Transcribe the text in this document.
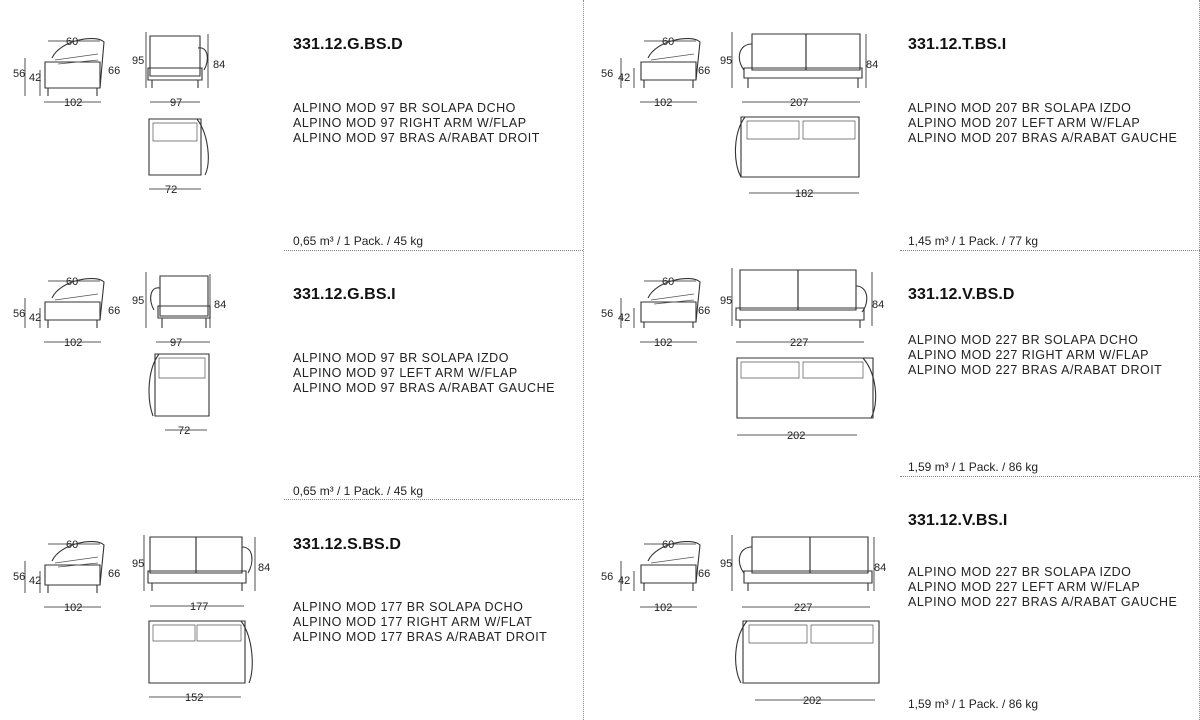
60
56 42
102
66
95	84
97
72
331.12.G.BS.D
ALPINO MOD 97 BR SOLAPA DCHO
ALPINO MOD 97 RIGHT ARM W/FLAP
ALPINO MOD 97 BRAS A/RABAT DROIT
0,65 m³ / 1 Pack. / 45 kg
60
56 42
102
66
95	84
97
72
331.12.G.BS.I
ALPINO MOD 97 BR SOLAPA IZDO
ALPINO MOD 97 LEFT ARM W/FLAP
ALPINO MOD 97 BRAS A/RABAT GAUCHE
0,65 m³ / 1 Pack. / 45 kg
60
56 42
102
66
95	84
177
152
331.12.S.BS.D
ALPINO MOD 177 BR SOLAPA DCHO
ALPINO MOD 177 RIGHT ARM W/FLAT
ALPINO MOD 177 BRAS A/RABAT DROIT
60
56 42
102
66
95	84
207
182
331.12.T.BS.I
ALPINO MOD 207 BR SOLAPA IZDO
ALPINO MOD 207 LEFT ARM W/FLAP
ALPINO MOD 207 BRAS A/RABAT GAUCHE
1,45 m³ / 1 Pack. / 77 kg
60
56 42
102
66
95	84
227
202
331.12.V.BS.D
ALPINO MOD 227 BR SOLAPA DCHO
ALPINO MOD 227 RIGHT ARM W/FLAP
ALPINO MOD 227 BRAS A/RABAT DROIT
1,59 m³ / 1 Pack. / 86 kg
60
56 42
102
66
95	84
227
202
331.12.V.BS.I
ALPINO MOD 227 BR SOLAPA IZDO
ALPINO MOD 227 LEFT ARM W/FLAP
ALPINO MOD 227 BRAS A/RABAT GAUCHE
1,59 m³ / 1 Pack. / 86 kg
